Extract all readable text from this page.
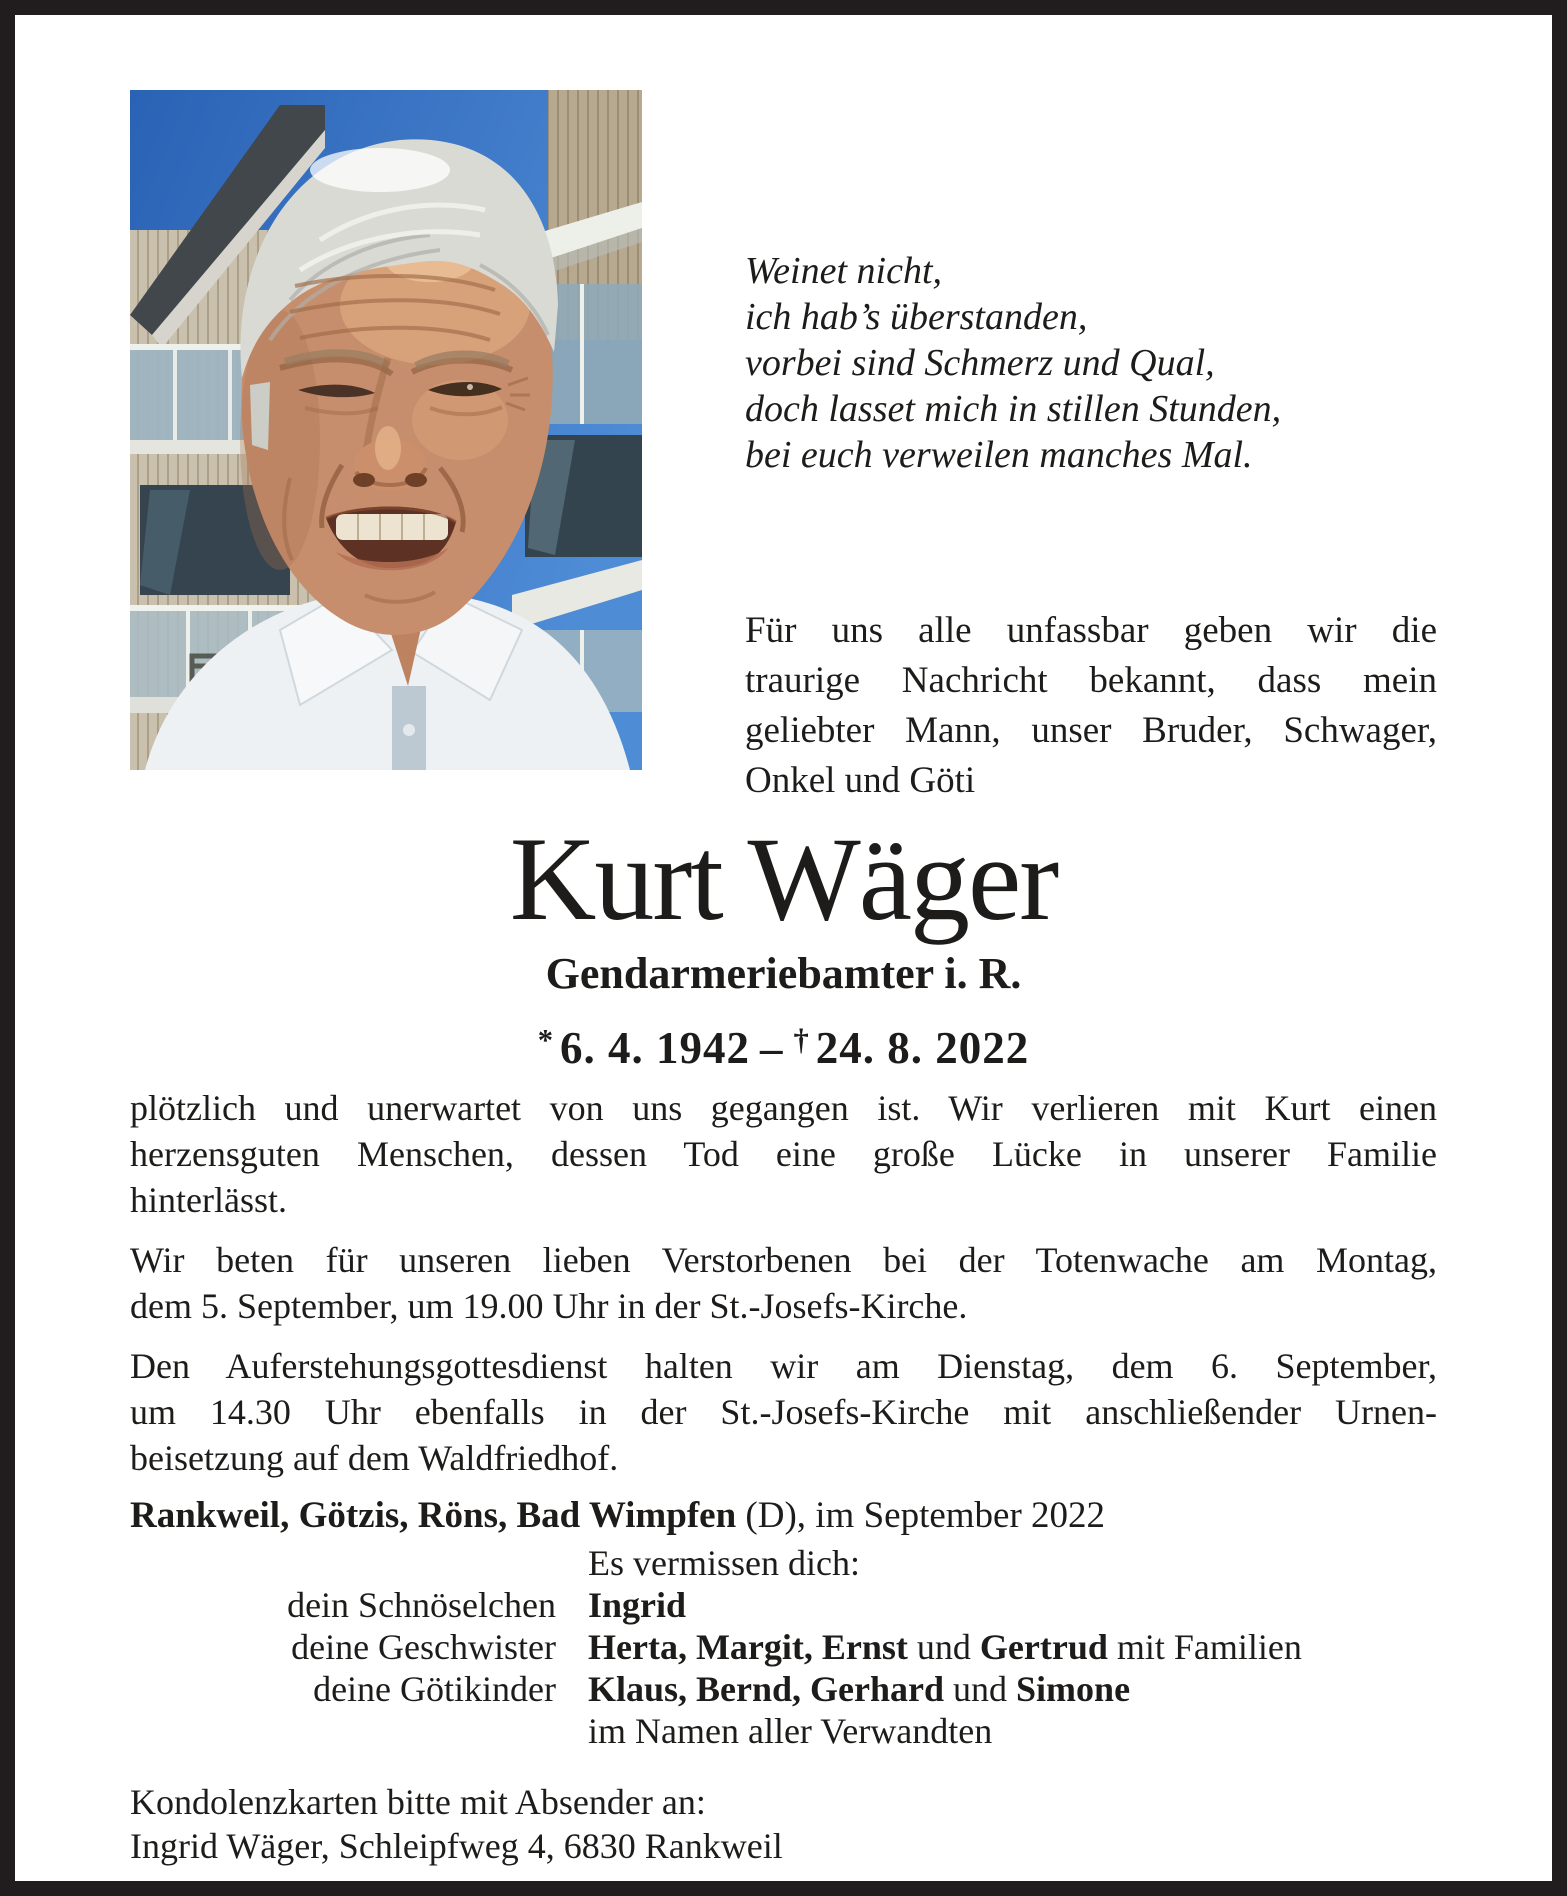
Weinet nicht,
ich hab’s überstanden,
vorbei sind Schmerz und Qual,
doch lasset mich in stillen Stunden,
bei euch verweilen manches Mal.
Für uns alle unfassbar geben wir die
traurige Nachricht bekannt, dass mein
geliebter Mann, unser Bruder, Schwager,
Onkel und Göti
Kurt Wäger
Gendarmeriebamter i. R.
* 6. 4. 1942 – † 24. 8. 2022
plötzlich und unerwartet von uns gegangen ist. Wir verlieren mit Kurt einen
herzensguten Menschen, dessen Tod eine große Lücke in unserer Familie
hinterlässt.
Wir beten für unseren lieben Verstorbenen bei der Totenwache am Montag,
dem 5. September, um 19.00 Uhr in der St.-Josefs-Kirche.
Den Auferstehungsgottesdienst halten wir am Dienstag, dem 6. September,
um 14.30 Uhr ebenfalls in der St.-Josefs-Kirche mit anschließender Urnen-
beisetzung auf dem Waldfriedhof.
Rankweil, Götzis, Röns, Bad Wimpfen (D), im September 2022
Es vermissen dich:
dein Schnöselchen Ingrid
deine Geschwister Herta, Margit, Ernst und Gertrud mit Familien
deine Götikinder Klaus, Bernd, Gerhard und Simone
im Namen aller Verwandten
Kondolenzkarten bitte mit Absender an:
Ingrid Wäger, Schleipfweg 4, 6830 Rankweil
